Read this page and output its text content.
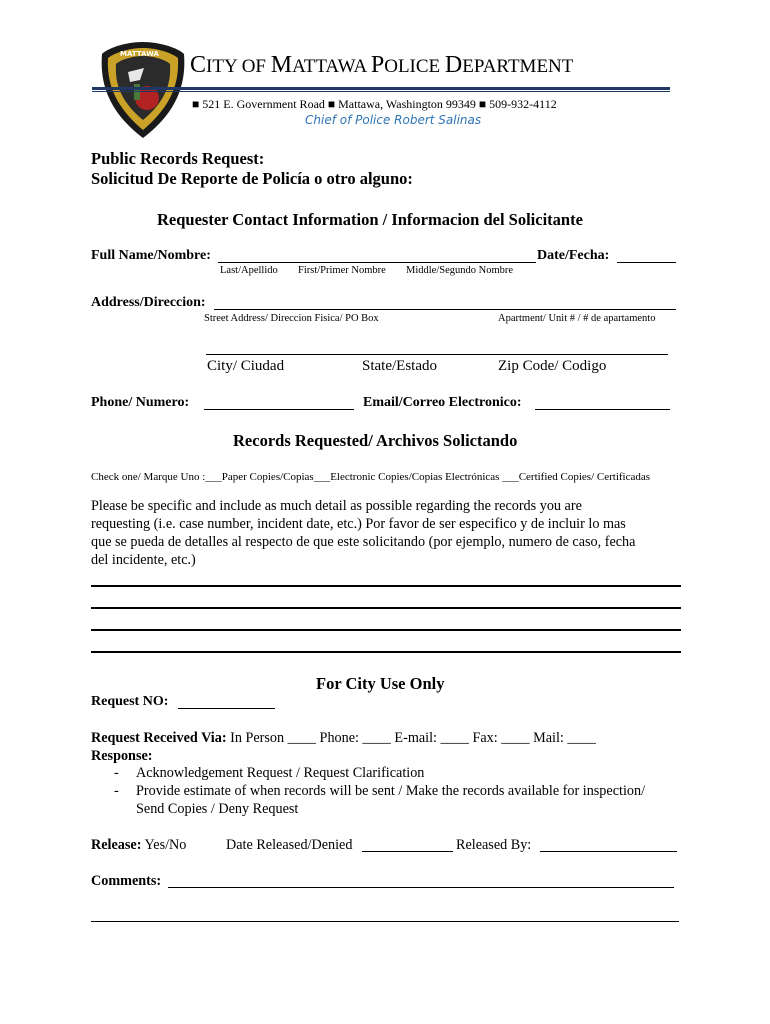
MATTAWA CITY OF MATTAWA POLICE DEPARTMENT
■ 521 E. Government Road ■ Mattawa, Washington 99349 ■ 509-932-4112
Chief of Police Robert Salinas
Public Records Request:
Solicitud De Reporte de Policía o otro alguno:
Requester Contact Information / Informacion del Solicitante
Full Name/Nombre:	Date/Fecha:
Last/Apellido First/Primer Nombre Middle/Segundo Nombre
Address/Direccion:
Street Address/ Direccion Fisica/ PO Box	Apartment/ Unit # / # de apartamento
City/ Ciudad	State/Estado	Zip Code/ Codigo
Phone/ Numero:	Email/Correo Electronico:
Records Requested/ Archivos Solictando
Check one/ Marque Uno :___Paper Copies/Copias___Electronic Copies/Copias Electrónicas ___Certified Copies/ Certificadas
Please be specific and include as much detail as possible regarding the records you are
requesting (i.e. case number, incident date, etc.) Por favor de ser especifico y de incluir lo mas
que se pueda de detalles al respecto de que este solicitando (por ejemplo, numero de caso, fecha
del incidente, etc.)
For City Use Only
Request NO:
Request Received Via: In Person ____ Phone: ____ E-mail: ____ Fax: ____ Mail: ____
Response:
- Acknowledgement Request / Request Clarification
- Provide estimate of when records will be sent / Make the records available for inspection/
Send Copies / Deny Request
Release: Yes/No	Date Released/Denied	Released By:
Comments:
